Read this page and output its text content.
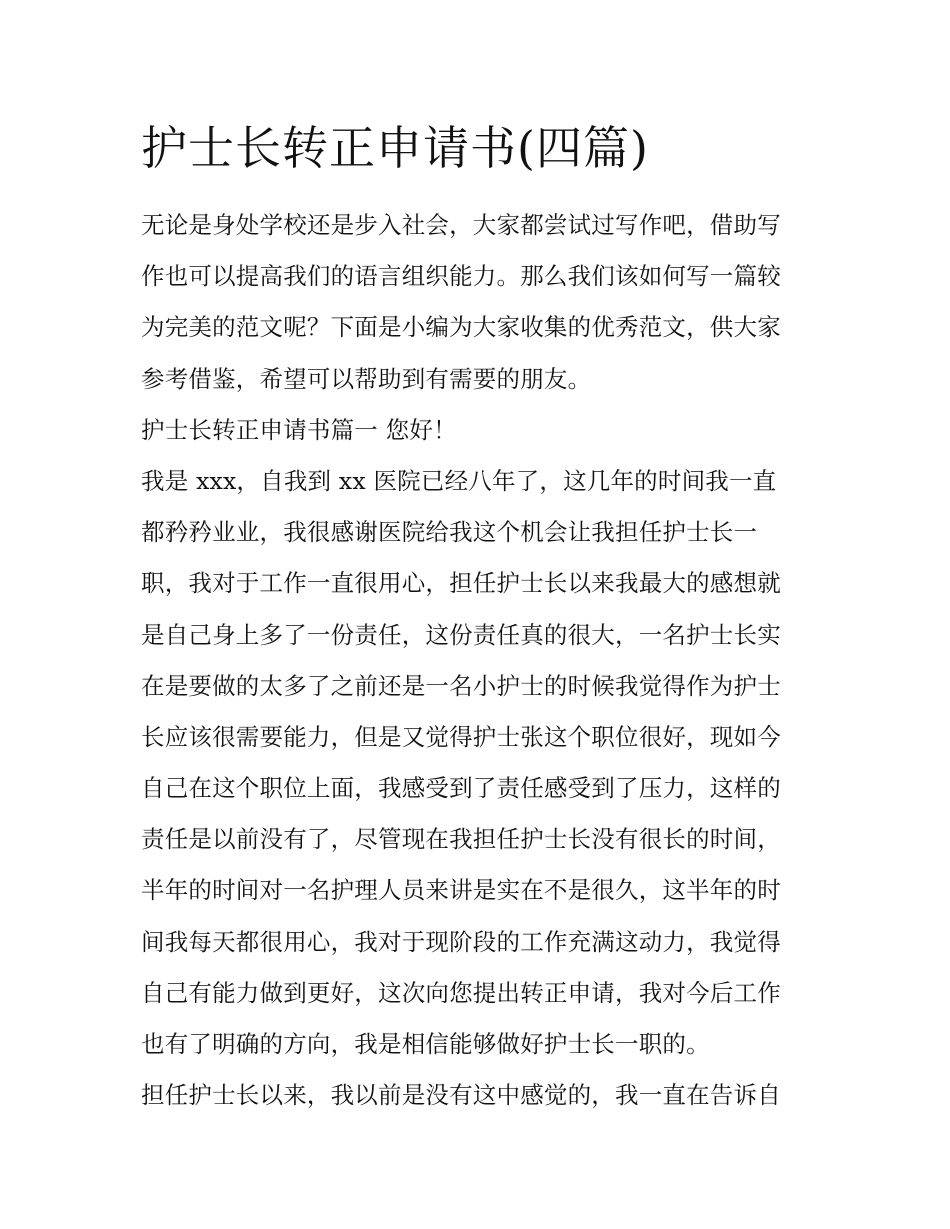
护士长转正申请书(四篇)
无论是身处学校还是步入社会，大家都尝试过写作吧，借助写
作也可以提高我们的语言组织能力。那么我们该如何写一篇较
为完美的范文呢？下面是小编为大家收集的优秀范文，供大家
参考借鉴，希望可以帮助到有需要的朋友。
护士长转正申请书篇一 您好！
我是 xxx，自我到 xx 医院已经八年了，这几年的时间我一直
都矜矜业业，我很感谢医院给我这个机会让我担任护士长一
职，我对于工作一直很用心，担任护士长以来我最大的感想就
是自己身上多了一份责任，这份责任真的很大，一名护士长实
在是要做的太多了之前还是一名小护士的时候我觉得作为护士
长应该很需要能力，但是又觉得护士张这个职位很好，现如今
自己在这个职位上面，我感受到了责任感受到了压力，这样的
责任是以前没有了，尽管现在我担任护士长没有很长的时间，
半年的时间对一名护理人员来讲是实在不是很久，这半年的时
间我每天都很用心，我对于现阶段的工作充满这动力，我觉得
自己有能力做到更好，这次向您提出转正申请，我对今后工作
也有了明确的方向，我是相信能够做好护士长一职的。
担任护士长以来，我以前是没有这中感觉的，我一直在告诉自
